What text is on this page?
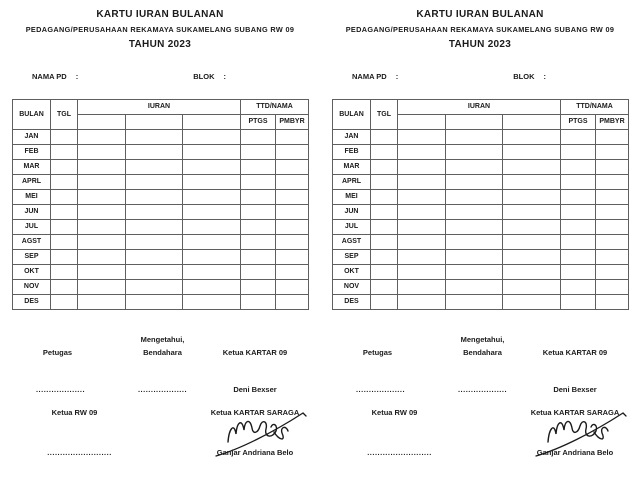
KARTU IURAN BULANAN
PEDAGANG/PERUSAHAAN REKAMAYA SUKAMELANG SUBANG RW 09
TAHUN 2023
NAMA PD :	BLOK :
BULAN	TGL	IURAN			TTD/NAMA	
					PTGS	PMBYR
JAN						
FEB						
MAR						
APRL						
MEI						
JUN						
JUL						
AGST						
SEP						
OKT						
NOV						
DES						

Petugas
...................
Ketua RW 09
.........................
Mengetahui,
Bendahara
...................

Ketua KARTAR 09
Deni Bexser
Ketua KARTAR SARAGA
Ganjar Andriana Belo
KARTU IURAN BULANAN
PEDAGANG/PERUSAHAAN REKAMAYA SUKAMELANG SUBANG RW 09
TAHUN 2023
NAMA PD :	BLOK :
BULAN	TGL	IURAN			TTD/NAMA	
					PTGS	PMBYR
JAN						
FEB						
MAR						
APRL						
MEI						
JUN						
JUL						
AGST						
SEP						
OKT						
NOV						
DES						

Petugas
...................
Ketua RW 09
.........................
Mengetahui,
Bendahara
...................

Ketua KARTAR 09
Deni Bexser
Ketua KARTAR SARAGA
Ganjar Andriana Belo
